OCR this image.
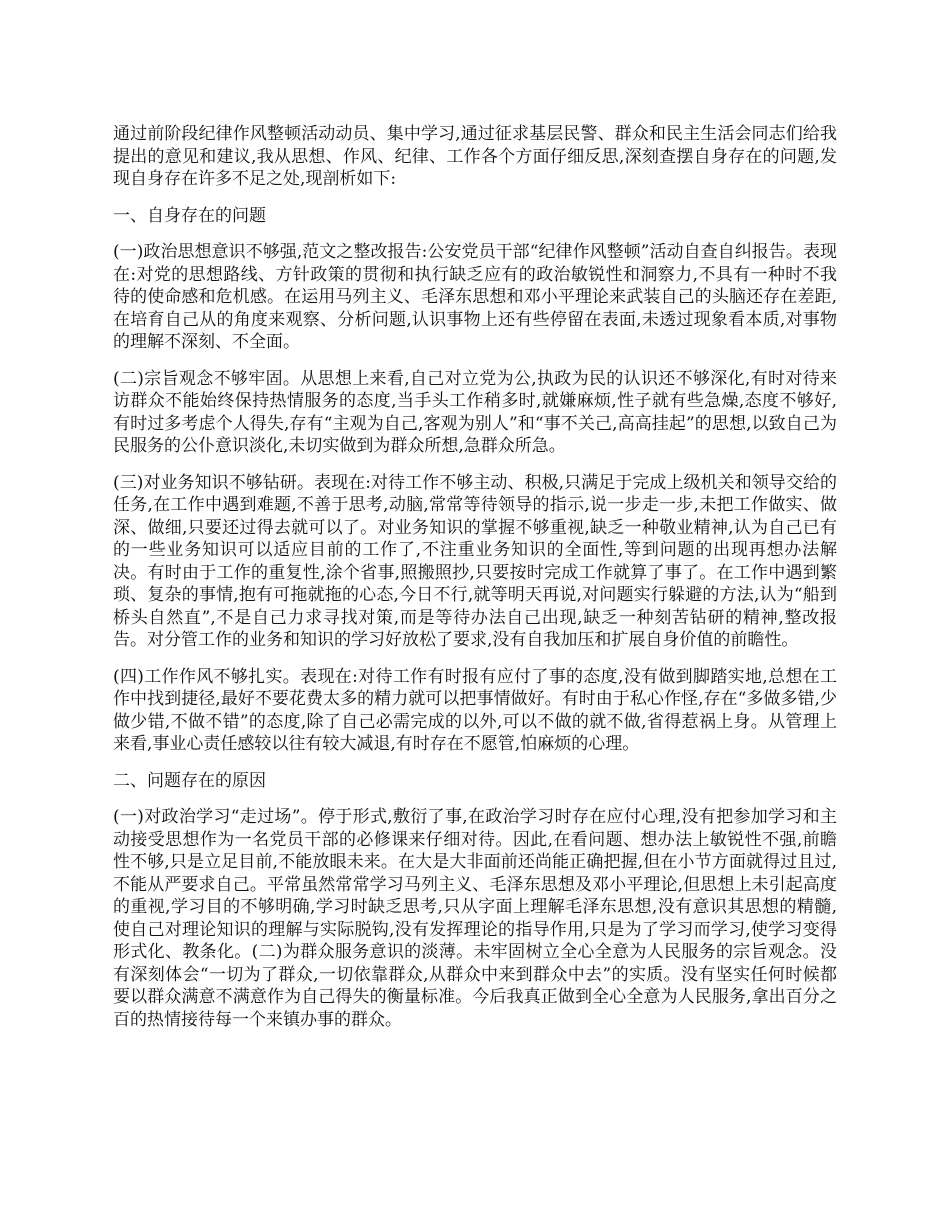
通过前阶段纪律作风整顿活动动员、集中学习,通过征求基层民警、群众和民主生活会同志们给我提出的意见和建议,我从思想、作风、纪律、工作各个方面仔细反思,深刻查摆自身存在的问题,发现自身存在许多不足之处,现剖析如下:

一、自身存在的问题

(一)政治思想意识不够强,范文之整改报告:公安党员干部“纪律作风整顿”活动自查自纠报告。表现在:对党的思想路线、方针政策的贯彻和执行缺乏应有的政治敏锐性和洞察力,不具有一种时不我待的使命感和危机感。在运用马列主义、毛泽东思想和邓小平理论来武装自己的头脑还存在差距,在培育自己从的角度来观察、分析问题,认识事物上还有些停留在表面,未透过现象看本质,对事物的理解不深刻、不全面。

(二)宗旨观念不够牢固。从思想上来看,自己对立党为公,执政为民的认识还不够深化,有时对待来访群众不能始终保持热情服务的态度,当手头工作稍多时,就嫌麻烦,性子就有些急燥,态度不够好,有时过多考虑个人得失,存有“主观为自己,客观为别人”和“事不关己,高高挂起”的思想,以致自己为民服务的公仆意识淡化,未切实做到为群众所想,急群众所急。

(三)对业务知识不够钻研。表现在:对待工作不够主动、积极,只满足于完成上级机关和领导交给的任务,在工作中遇到难题,不善于思考,动脑,常常等待领导的指示,说一步走一步,未把工作做实、做深、做细,只要还过得去就可以了。对业务知识的掌握不够重视,缺乏一种敬业精神,认为自己已有的一些业务知识可以适应目前的工作了,不注重业务知识的全面性,等到问题的出现再想办法解决。有时由于工作的重复性,涂个省事,照搬照抄,只要按时完成工作就算了事了。在工作中遇到繁琐、复杂的事情,抱有可拖就拖的心态,今日不行,就等明天再说,对问题实行躲避的方法,认为“船到桥头自然直”,不是自己力求寻找对策,而是等待办法自己出现,缺乏一种刻苦钻研的精神,整改报告。对分管工作的业务和知识的学习好放松了要求,没有自我加压和扩展自身价值的前瞻性。

(四)工作作风不够扎实。表现在:对待工作有时报有应付了事的态度,没有做到脚踏实地,总想在工作中找到捷径,最好不要花费太多的精力就可以把事情做好。有时由于私心作怪,存在“多做多错,少做少错,不做不错”的态度,除了自己必需完成的以外,可以不做的就不做,省得惹祸上身。从管理上来看,事业心责任感较以往有较大减退,有时存在不愿管,怕麻烦的心理。

二、问题存在的原因

(一)对政治学习“走过场”。停于形式,敷衍了事,在政治学习时存在应付心理,没有把参加学习和主动接受思想作为一名党员干部的必修课来仔细对待。因此,在看问题、想办法上敏锐性不强,前瞻性不够,只是立足目前,不能放眼未来。在大是大非面前还尚能正确把握,但在小节方面就得过且过,不能从严要求自己。平常虽然常常学习马列主义、毛泽东思想及邓小平理论,但思想上未引起高度的重视,学习目的不够明确,学习时缺乏思考,只从字面上理解毛泽东思想,没有意识其思想的精髓,使自己对理论知识的理解与实际脱钩,没有发挥理论的指导作用,只是为了学习而学习,使学习变得形式化、教条化。(二)为群众服务意识的淡薄。未牢固树立全心全意为人民服务的宗旨观念。没有深刻体会“一切为了群众,一切依靠群众,从群众中来到群众中去”的实质。没有坚实任何时候都要以群众满意不满意作为自己得失的衡量标准。今后我真正做到全心全意为人民服务,拿出百分之百的热情接待每一个来镇办事的群众。
